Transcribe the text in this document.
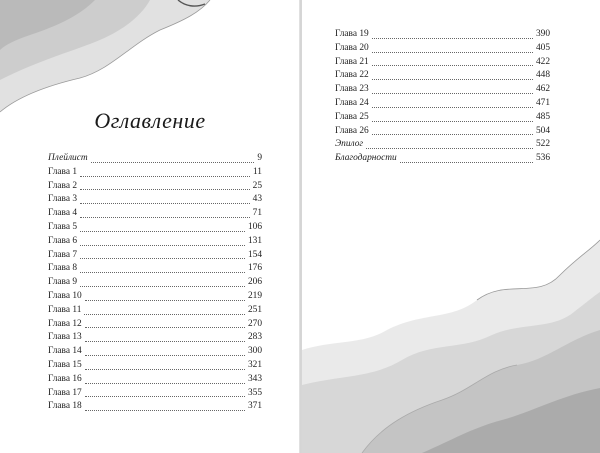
Оглавление
Плейлист	9
Глава 1	11
Глава 2	25
Глава 3	43
Глава 4	71
Глава 5	106
Глава 6	131
Глава 7	154
Глава 8	176
Глава 9	206
Глава 10	219
Глава 11	251
Глава 12	270
Глава 13	283
Глава 14	300
Глава 15	321
Глава 16	343
Глава 17	355
Глава 18	371
Глава 19	390
Глава 20	405
Глава 21	422
Глава 22	448
Глава 23	462
Глава 24	471
Глава 25	485
Глава 26	504
Эпилог	522
Благодарности	536
